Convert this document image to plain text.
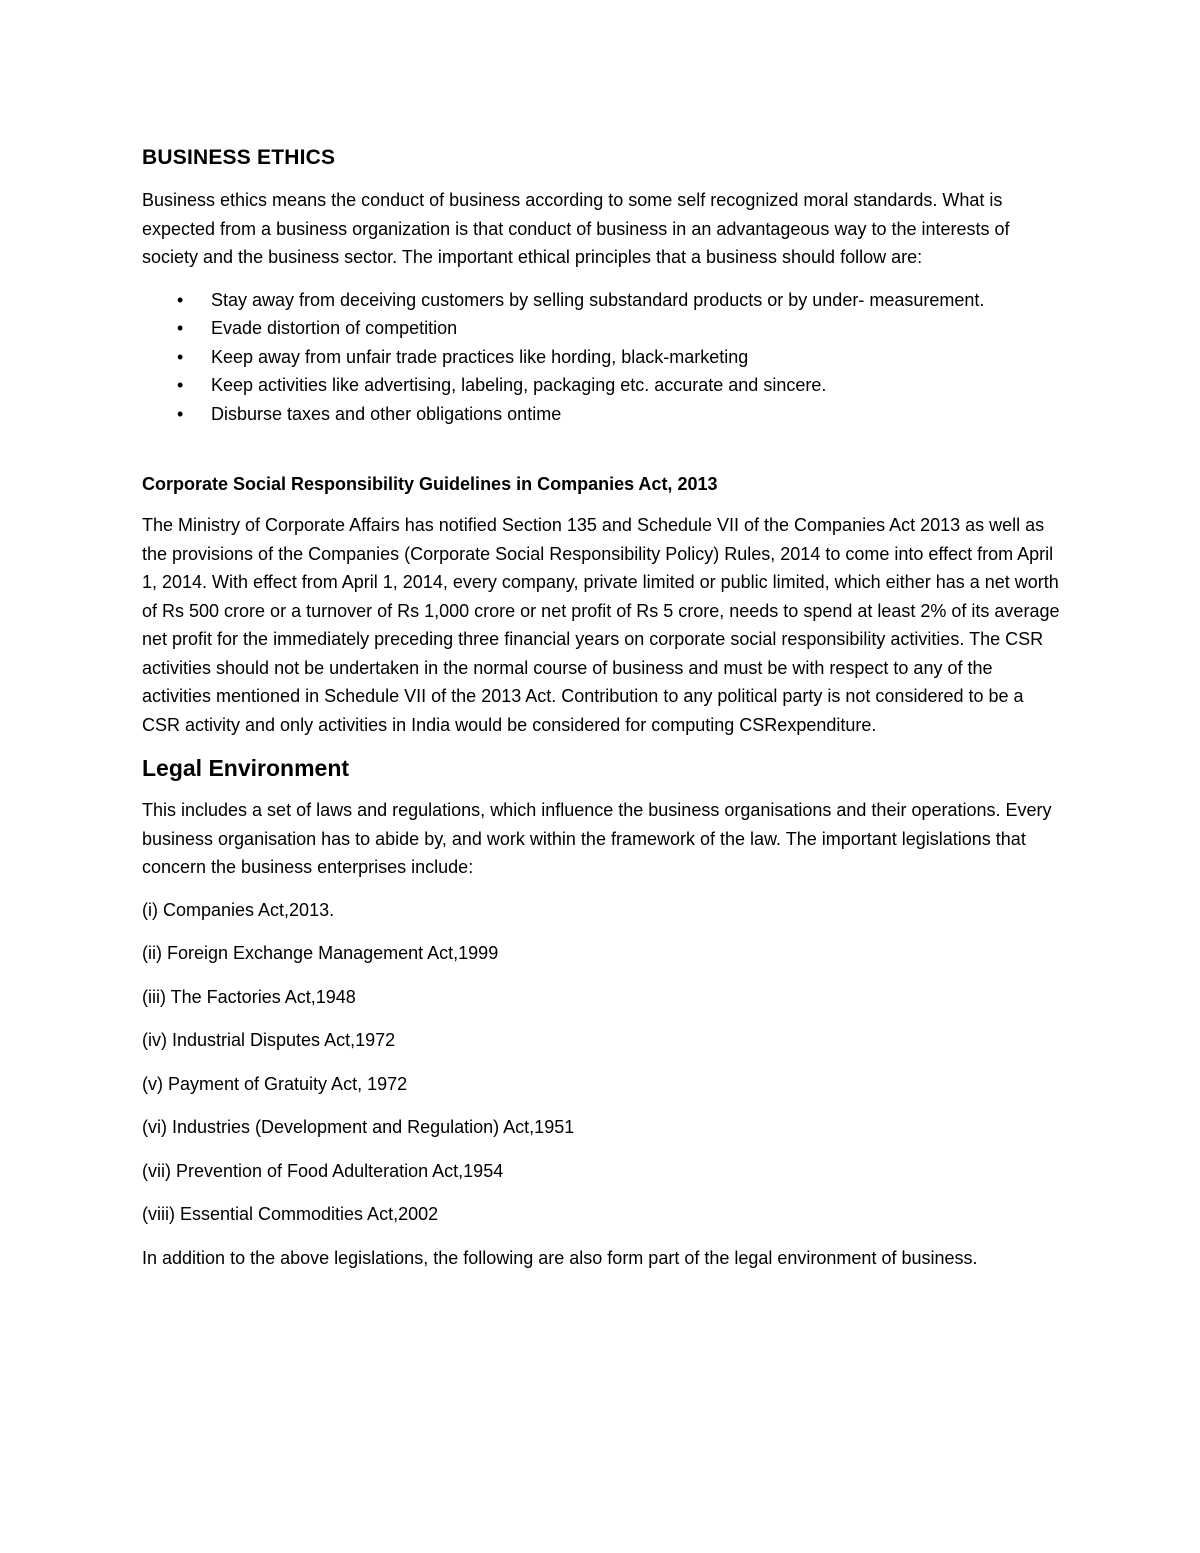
BUSINESS ETHICS

Business ethics means the conduct of business according to some self recognized moral standards. What is expected from a business organization is that conduct of business in an advantageous way to the interests of society and the business sector. The important ethical principles that a business should follow are:

• Stay away from deceiving customers by selling substandard products or by under- measurement.
• Evade distortion of competition
• Keep away from unfair trade practices like hording, black-marketing
• Keep activities like advertising, labeling, packaging etc. accurate and sincere.
• Disburse taxes and other obligations ontime
Corporate Social Responsibility Guidelines in Companies Act, 2013

The Ministry of Corporate Affairs has notified Section 135 and Schedule VII of the Companies Act 2013 as well as the provisions of the Companies (Corporate Social Responsibility Policy) Rules, 2014 to come into effect from April 1, 2014. With effect from April 1, 2014, every company, private limited or public limited, which either has a net worth of Rs 500 crore or a turnover of Rs 1,000 crore or net profit of Rs 5 crore, needs to spend at least 2% of its average net profit for the immediately preceding three financial years on corporate social responsibility activities. The CSR activities should not be undertaken in the normal course of business and must be with respect to any of the activities mentioned in Schedule VII of the 2013 Act. Contribution to any political party is not considered to be a CSR activity and only activities in India would be considered for computing CSRexpenditure.

Legal Environment

This includes a set of laws and regulations, which influence the business organisations and their operations. Every business organisation has to abide by, and work within the framework of the law. The important legislations that concern the business enterprises include:

(i) Companies Act,2013.

(ii) Foreign Exchange Management Act,1999

(iii) The Factories Act,1948

(iv) Industrial Disputes Act,1972

(v) Payment of Gratuity Act, 1972

(vi) Industries (Development and Regulation) Act,1951

(vii) Prevention of Food Adulteration Act,1954

(viii) Essential Commodities Act,2002

In addition to the above legislations, the following are also form part of the legal environment of business.
